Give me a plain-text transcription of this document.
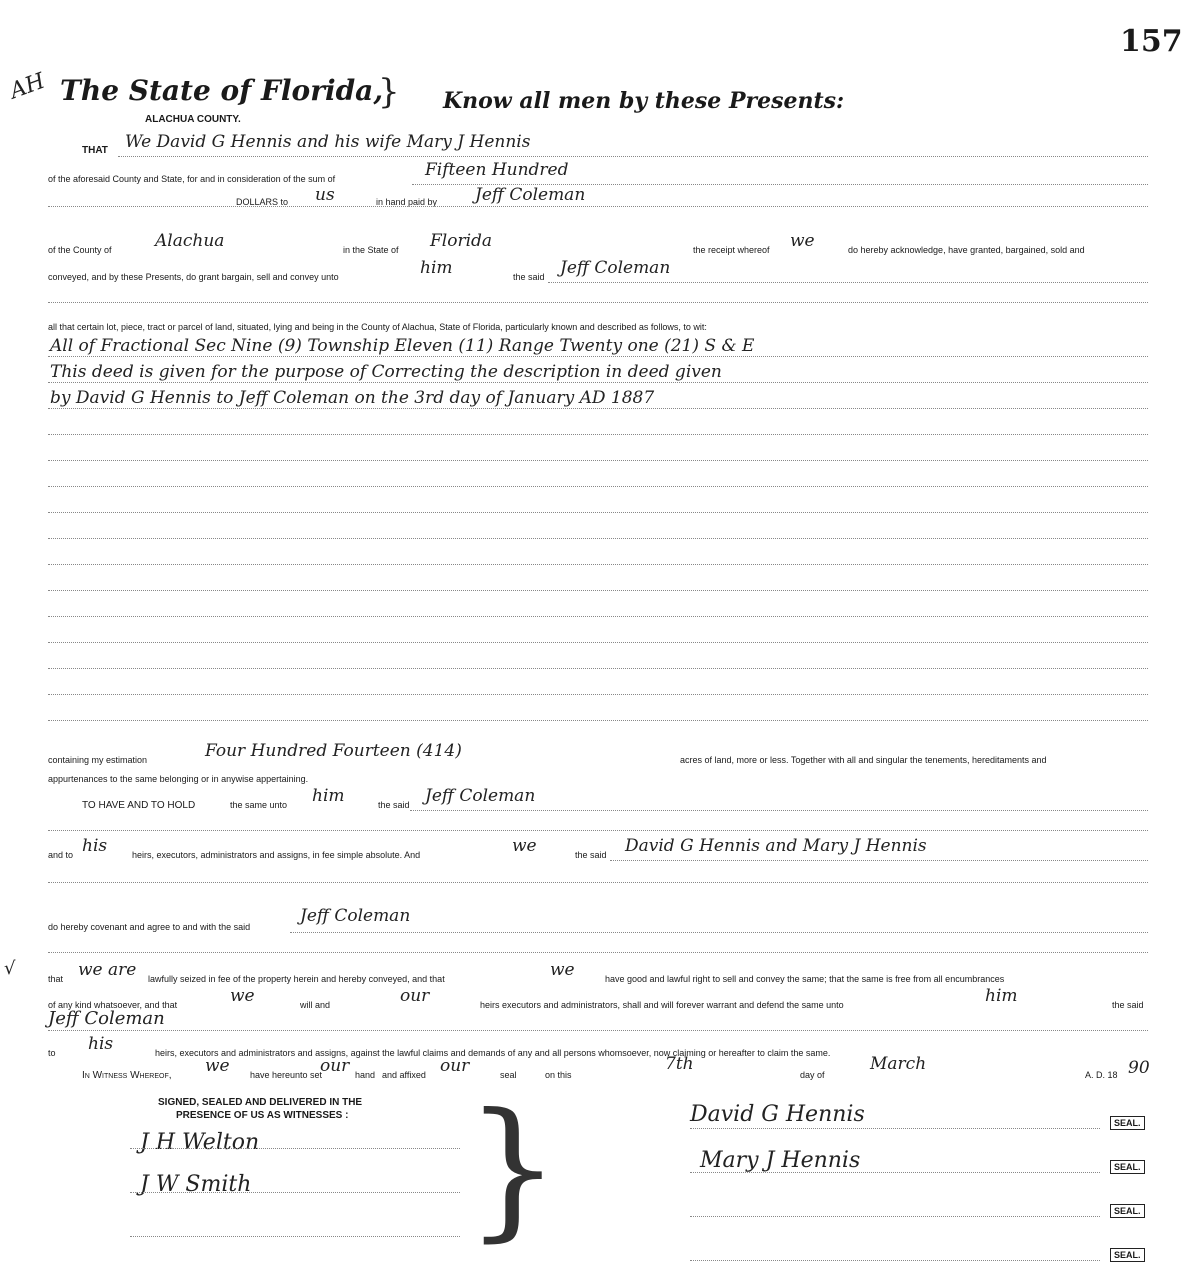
157
AH The State of Florida,
}
ALACHUA COUNTY.
Know all men by these Presents:
THAT We David G Hennis and his wife Mary J Hennis
of the aforesaid County and State, for and in consideration of the sum of	Fifteen Hundred
DOLLARS to us	in hand paid by Jeff Coleman
of the County of	Alachua	in the State of Florida	the receipt whereof we	do hereby acknowledge, have granted, bargained, sold and
conveyed, and by these Presents, do grant bargain, sell and convey unto	him	the said Jeff Coleman
all that certain lot, piece, tract or parcel of land, situated, lying and being in the County of Alachua, State of Florida, particularly known and described as follows, to wit:
All of Fractional Sec Nine (9) Township Eleven (11) Range Twenty one (21) S & E
This deed is given for the purpose of Correcting the description in deed given
by David G Hennis to Jeff Coleman on the 3rd day of January AD 1887
containing my estimation	Four Hundred Fourteen (414)	acres of land, more or less. Together with all and singular the tenements, hereditaments and
appurtenances to the same belonging or in anywise appertaining.
TO HAVE AND TO HOLD	the same unto him	the said Jeff Coleman
and to his	heirs, executors, administrators and assigns, in fee simple absolute. And	we	the said David G Hennis and Mary J Hennis
do hereby covenant and agree to and with the said
Jeff Coleman
√	that we are lawfully seized in fee of the property herein and hereby conveyed, and that	we	have good and lawful right to sell and convey the same; that the same is free from all encumbrances
of any kind whatsoever, and that	we	will and	our	heirs executors and administrators, shall and will forever warrant and defend the same unto	him	the said
Jeff Coleman
to his	heirs, executors and administrators and assigns, against the lawful claims and demands of any and all persons whomsoever, now claiming or hereafter to claim the same.
In Witness Whereof, we have hereunto set
our hand and affixed our	seal	on this
7th
day of
March
A. D. 18 90
SIGNED, SEALED AND DELIVERED IN THE
PRESENCE OF US AS WITNESSES : }
J H Welton
J W Smith
David G Hennis
Mary J Hennis
SEAL.
SEAL.
SEAL.
SEAL.
